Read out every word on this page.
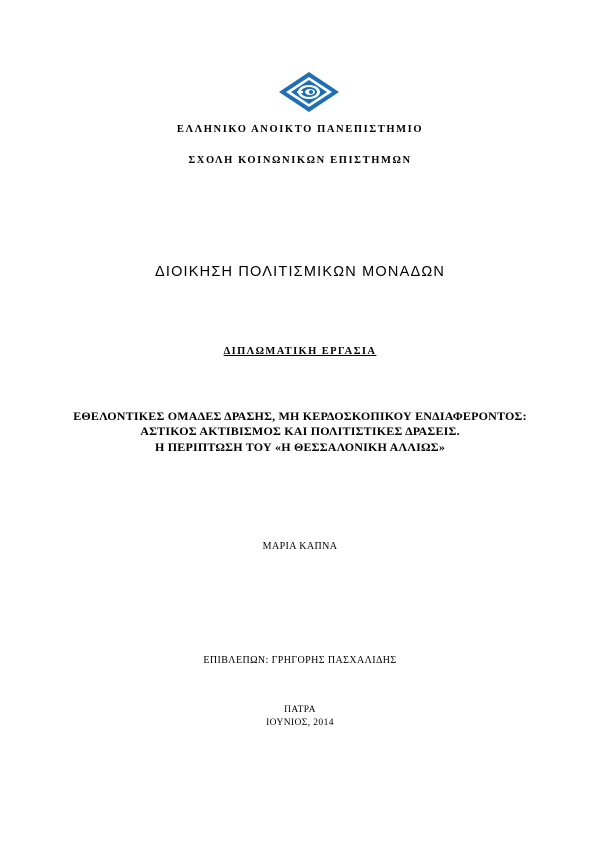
ΕΛΛΗΝΙΚΟ ΑΝΟΙΚΤΟ ΠΑΝΕΠΙΣΤΗΜΙΟ
ΣΧΟΛΗ ΚΟΙΝΩΝΙΚΩΝ ΕΠΙΣΤΗΜΩΝ
ΔΙΟΙΚΗΣΗ ΠΟΛΙΤΙΣΜΙΚΩΝ ΜΟΝΑΔΩΝ
ΔΙΠΛΩΜΑΤΙΚΗ ΕΡΓΑΣΙΑ
ΕΘΕΛΟΝΤΙΚΕΣ ΟΜΑΔΕΣ ΔΡΑΣΗΣ, ΜΗ ΚΕΡΔΟΣΚΟΠΙΚΟΥ ΕΝΔΙΑΦΕΡΟΝΤΟΣ:
ΑΣΤΙΚΟΣ ΑΚΤΙΒΙΣΜΟΣ ΚΑΙ ΠΟΛΙΤΙΣΤΙΚΕΣ ΔΡΑΣΕΙΣ.
Η ΠΕΡΙΠΤΩΣΗ ΤΟΥ «Η ΘΕΣΣΑΛΟΝΙΚΗ ΑΛΛΙΩΣ»
ΜΑΡΙΑ ΚΑΠΝΑ
ΕΠΙΒΛΕΠΩΝ: ΓΡΗΓΟΡΗΣ ΠΑΣΧΑΛΙΔΗΣ
ΠΑΤΡΑ
ΙΟΥΝΙΟΣ, 2014
